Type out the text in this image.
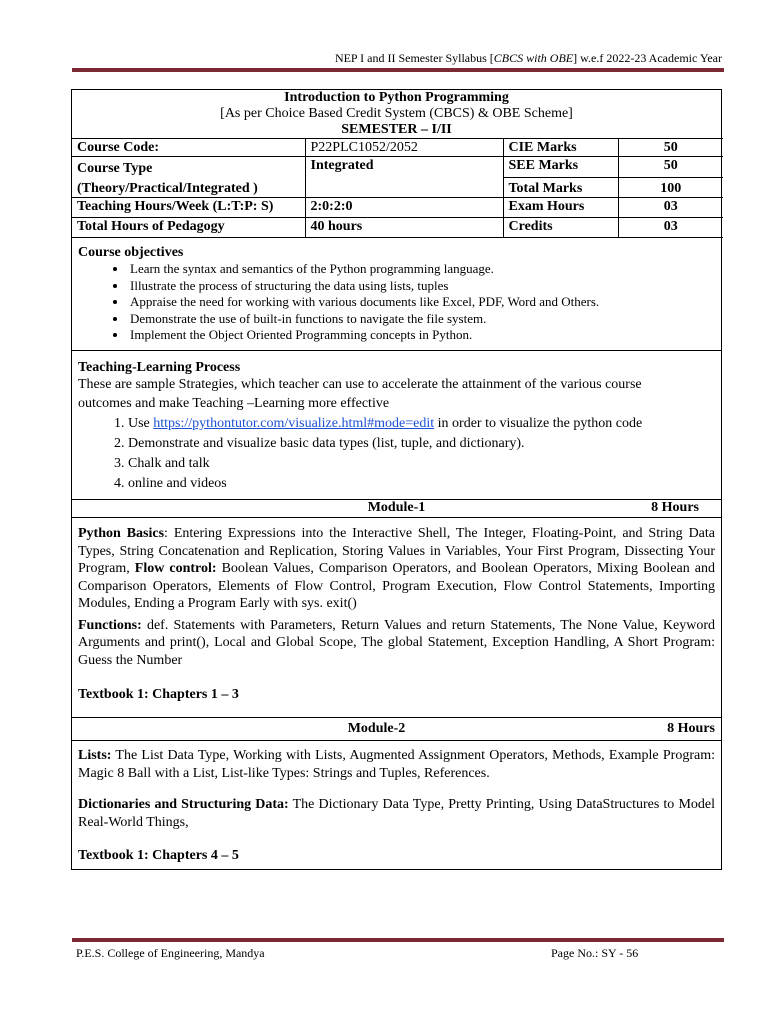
NEP I and II Semester Syllabus [CBCS with OBE] w.e.f 2022-23 Academic Year
Introduction to Python Programming
[As per Choice Based Credit System (CBCS) & OBE Scheme]
SEMESTER – I/II
Course Code:	P22PLC1052/2052	CIE Marks	50

Course Type
(Theory/Practical/Integrated )	Integrated	SEE Marks	50
		Total Marks	100
Teaching Hours/Week (L:T:P: S)	2:0:2:0	Exam Hours	03
Total Hours of Pedagogy	40 hours	Credits	03
Course objectives
• Learn the syntax and semantics of the Python programming language.
• Illustrate the process of structuring the data using lists, tuples
• Appraise the need for working with various documents like Excel, PDF, Word and Others.
• Demonstrate the use of built-in functions to navigate the file system.
• Implement the Object Oriented Programming concepts in Python.
Teaching-Learning Process
These are sample Strategies, which teacher can use to accelerate the attainment of the various course
outcomes and make Teaching –Learning more effective
1. Use https://pythontutor.com/visualize.html#mode=edit in order to visualize the python code
2. Demonstrate and visualize basic data types (list, tuple, and dictionary).
3. Chalk and talk
4. online and videos
Module-1	8 Hours
Python Basics: Entering Expressions into the Interactive Shell, The Integer, Floating-Point, and String Data Types, String Concatenation and Replication, Storing Values in Variables, Your First Program, Dissecting Your Program, Flow control: Boolean Values, Comparison Operators, and Boolean Operators, Mixing Boolean and Comparison Operators, Elements of Flow Control, Program Execution, Flow Control Statements, Importing Modules, Ending a Program Early with sys. exit()
Functions: def. Statements with Parameters, Return Values and return Statements, The None Value, Keyword Arguments and print(), Local and Global Scope, The global Statement, Exception Handling, A Short Program: Guess the Number
Textbook 1: Chapters 1 – 3
Module-2	8 Hours
Lists: The List Data Type, Working with Lists, Augmented Assignment Operators, Methods, Example Program: Magic 8 Ball with a List, List-like Types: Strings and Tuples, References.
Dictionaries and Structuring Data: The Dictionary Data Type, Pretty Printing, Using DataStructures to Model Real-World Things,
Textbook 1: Chapters 4 – 5
P.E.S. College of Engineering, Mandya	Page No.: SY - 56
